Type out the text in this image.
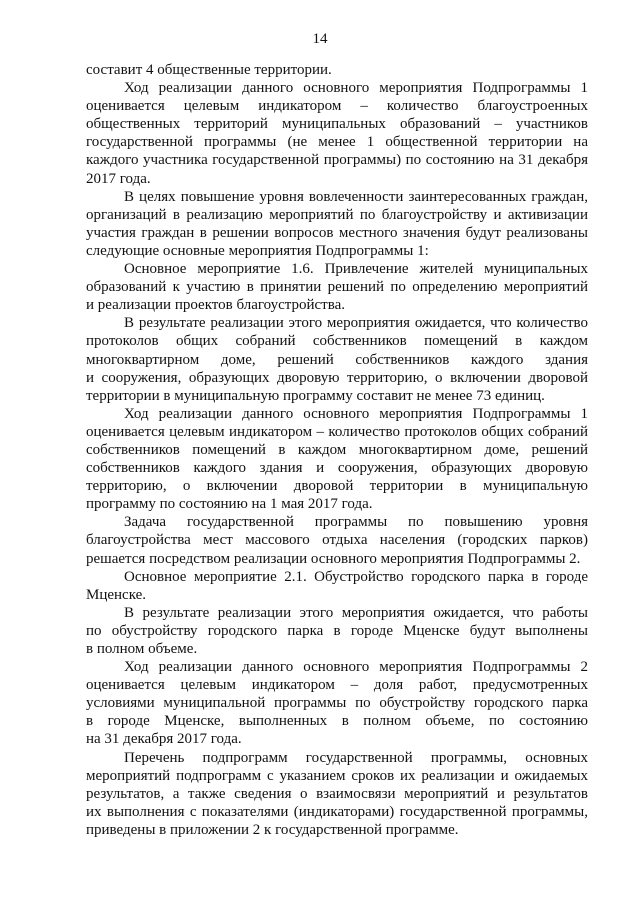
14
составит 4 общественные территории.
Ход реализации данного основного мероприятия Подпрограммы 1
оценивается целевым индикатором – количество благоустроенных
общественных территорий муниципальных образований – участников
государственной программы (не менее 1 общественной территории на
каждого участника государственной программы) по состоянию на 31 декабря
2017 года.
В целях повышение уровня вовлеченности заинтересованных граждан,
организаций в реализацию мероприятий по благоустройству и активизации
участия граждан в решении вопросов местного значения будут реализованы
следующие основные мероприятия Подпрограммы 1:
Основное мероприятие 1.6. Привлечение жителей муниципальных
образований к участию в принятии решений по определению мероприятий
и реализации проектов благоустройства.
В результате реализации этого мероприятия ожидается, что количество
протоколов общих собраний собственников помещений в каждом
многоквартирном доме, решений собственников каждого здания
и сооружения, образующих дворовую территорию, о включении дворовой
территории в муниципальную программу составит не менее 73 единиц.
Ход реализации данного основного мероприятия Подпрограммы 1
оценивается целевым индикатором – количество протоколов общих собраний
собственников помещений в каждом многоквартирном доме, решений
собственников каждого здания и сооружения, образующих дворовую
территорию, о включении дворовой территории в муниципальную
программу по состоянию на 1 мая 2017 года.
Задача государственной программы по повышению уровня
благоустройства мест массового отдыха населения (городских парков)
решается посредством реализации основного мероприятия Подпрограммы 2.
Основное мероприятие 2.1. Обустройство городского парка в городе
Мценске.
В результате реализации этого мероприятия ожидается, что работы
по обустройству городского парка в городе Мценске будут выполнены
в полном объеме.
Ход реализации данного основного мероприятия Подпрограммы 2
оценивается целевым индикатором – доля работ, предусмотренных
условиями муниципальной программы по обустройству городского парка
в городе Мценске, выполненных в полном объеме, по состоянию
на 31 декабря 2017 года.
Перечень подпрограмм государственной программы, основных
мероприятий подпрограмм с указанием сроков их реализации и ожидаемых
результатов, а также сведения о взаимосвязи мероприятий и результатов
их выполнения с показателями (индикаторами) государственной программы,
приведены в приложении 2 к государственной программе.
